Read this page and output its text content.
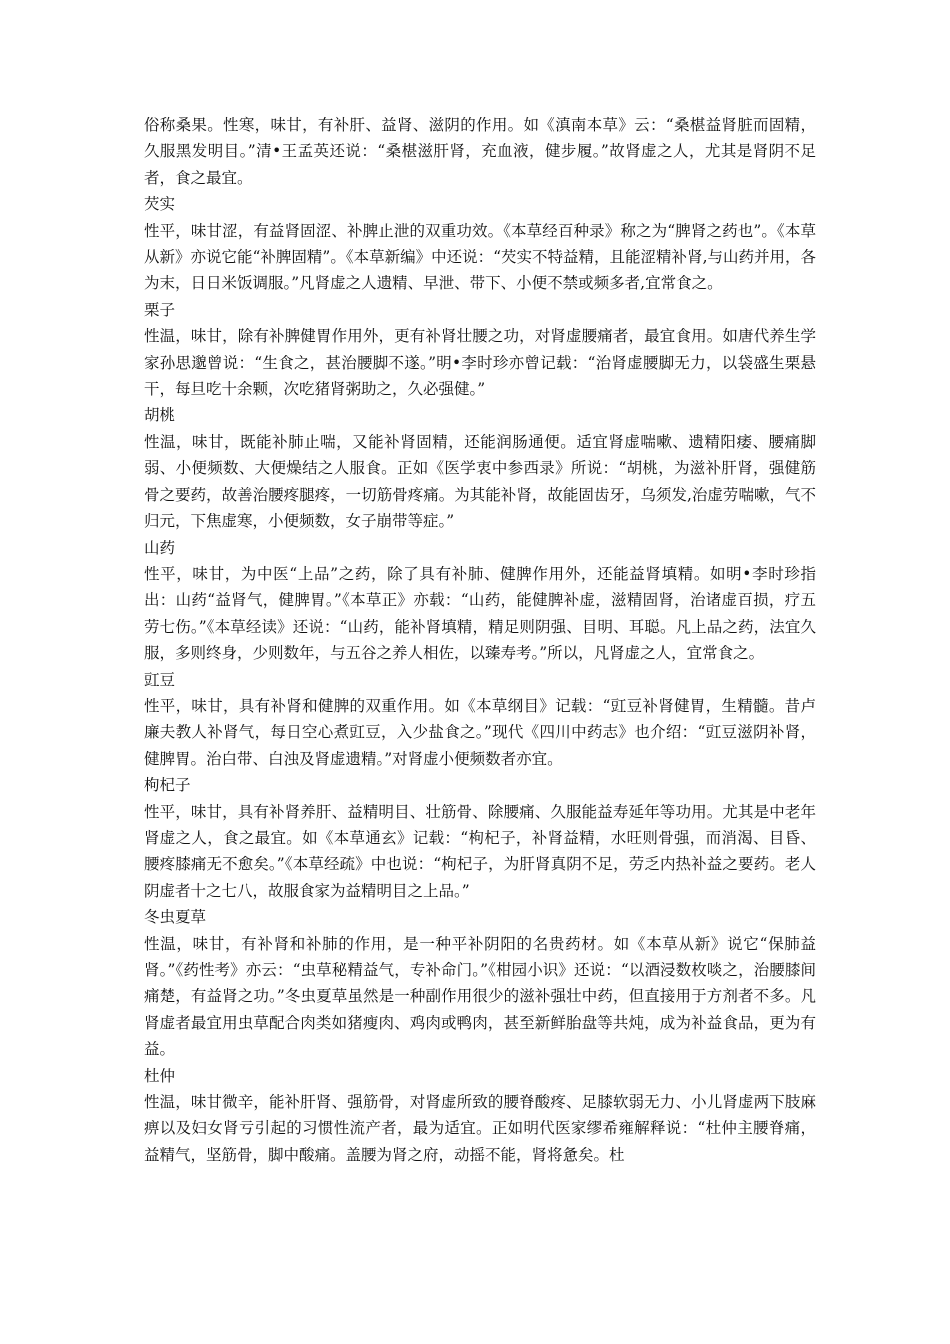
俗称桑果。性寒，味甘，有补肝、益肾、滋阴的作用。如《滇南本草》云：“桑椹益肾脏而固精，久服黑发明目。”清•王孟英还说：“桑椹滋肝肾，充血液，健步履。”故肾虚之人，尤其是肾阴不足者，食之最宜。

芡实

性平，味甘涩，有益肾固涩、补脾止泄的双重功效。《本草经百种录》称之为“脾肾之药也”。《本草从新》亦说它能“补脾固精”。《本草新编》中还说：“芡实不特益精，且能涩精补肾,与山药并用，各为末，日日米饭调服。”凡肾虚之人遗精、早泄、带下、小便不禁或频多者,宜常食之。

栗子

性温，味甘，除有补脾健胃作用外，更有补肾壮腰之功，对肾虚腰痛者，最宜食用。如唐代养生学家孙思邈曾说：“生食之，甚治腰脚不遂。”明•李时珍亦曾记载：“治肾虚腰脚无力，以袋盛生栗悬干，每旦吃十余颗，次吃猪肾粥助之，久必强健。”

胡桃

性温，味甘，既能补肺止喘，又能补肾固精，还能润肠通便。适宜肾虚喘嗽、遗精阳痿、腰痛脚弱、小便频数、大便燥结之人服食。正如《医学衷中参西录》所说：“胡桃，为滋补肝肾，强健筋骨之要药，故善治腰疼腿疼，一切筋骨疼痛。为其能补肾，故能固齿牙，乌须发,治虚劳喘嗽，气不归元，下焦虚寒，小便频数，女子崩带等症。”

山药

性平，味甘，为中医“上品”之药，除了具有补肺、健脾作用外，还能益肾填精。如明•李时珍指出：山药“益肾气，健脾胃。”《本草正》亦载：“山药，能健脾补虚，滋精固肾，治诸虚百损，疗五劳七伤。”《本草经读》还说：“山药，能补肾填精，精足则阴强、目明、耳聪。凡上品之药，法宜久服，多则终身，少则数年，与五谷之养人相佐，以臻寿考。”所以，凡肾虚之人，宜常食之。

豇豆

性平，味甘，具有补肾和健脾的双重作用。如《本草纲目》记载：“豇豆补肾健胃，生精髓。昔卢廉夫教人补肾气，每日空心煮豇豆，入少盐食之。”现代《四川中药志》也介绍：“豇豆滋阴补肾，健脾胃。治白带、白浊及肾虚遗精。”对肾虚小便频数者亦宜。

枸杞子

性平，味甘，具有补肾养肝、益精明目、壮筋骨、除腰痛、久服能益寿延年等功用。尤其是中老年肾虚之人，食之最宜。如《本草通玄》记载：“枸杞子，补肾益精，水旺则骨强，而消渴、目昏、腰疼膝痛无不愈矣。”《本草经疏》中也说：“枸杞子，为肝肾真阴不足，劳乏内热补益之要药。老人阴虚者十之七八，故服食家为益精明目之上品。”

冬虫夏草

性温，味甘，有补肾和补肺的作用，是一种平补阴阳的名贵药材。如《本草从新》说它“保肺益肾。”《药性考》亦云：“虫草秘精益气，专补命门。”《柑园小识》还说：“以酒浸数枚啖之，治腰膝间痛楚，有益肾之功。”冬虫夏草虽然是一种副作用很少的滋补强壮中药，但直接用于方剂者不多。凡肾虚者最宜用虫草配合肉类如猪瘦肉、鸡肉或鸭肉，甚至新鲜胎盘等共炖，成为补益食品，更为有益。

杜仲

性温，味甘微辛，能补肝肾、强筋骨，对肾虚所致的腰脊酸疼、足膝软弱无力、小儿肾虚两下肢麻痹以及妇女肾亏引起的习惯性流产者，最为适宜。正如明代医家缪希雍解释说：“杜仲主腰脊痛，益精气，坚筋骨，脚中酸痛。盖腰为肾之府，动摇不能，肾将惫矣。杜
